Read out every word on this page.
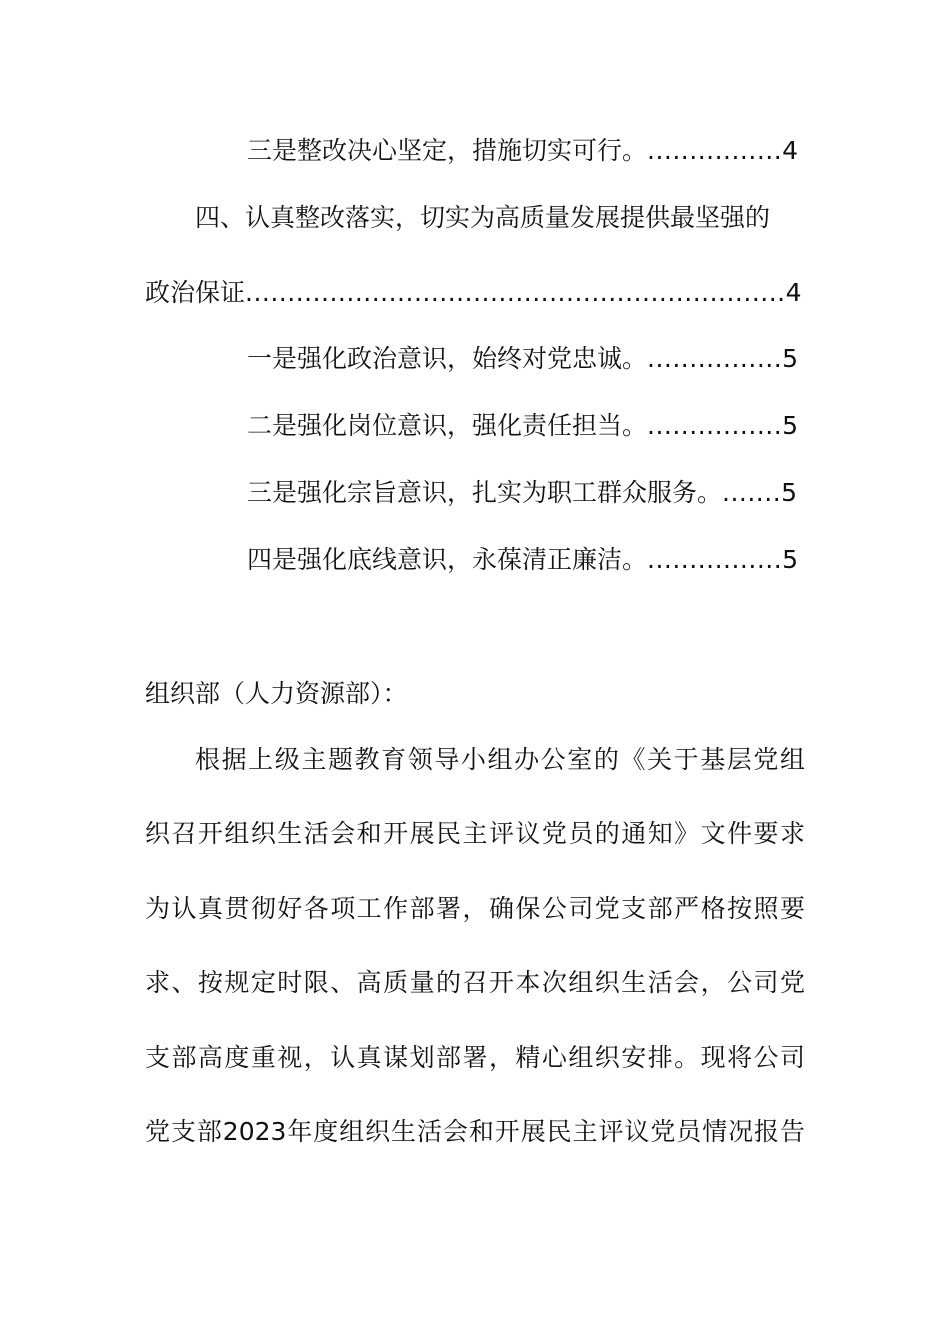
三是整改决心坚定，措施切实可行。 ................ 4
四、认真整改落实，切实为高质量发展提供最坚强的
政治保证 ................................................................ 4
一是强化政治意识，始终对党忠诚。 ................ 5
二是强化岗位意识，强化责任担当。 ................ 5
三是强化宗旨意识，扎实为职工群众服务。 ....... 5
四是强化底线意识，永葆清正廉洁。 ................ 5
组织部（人力资源部）：
根据上级主题教育领导小组办公室的《关于基层党组
织召开组织生活会和开展民主评议党员的通知》文件要求
为认真贯彻好各项工作部署，确保公司党支部严格按照要
求、按规定时限、高质量的召开本次组织生活会，公司党
支部高度重视，认真谋划部署，精心组织安排。现将公司
党支部2023年度组织生活会和开展民主评议党员情况报告
